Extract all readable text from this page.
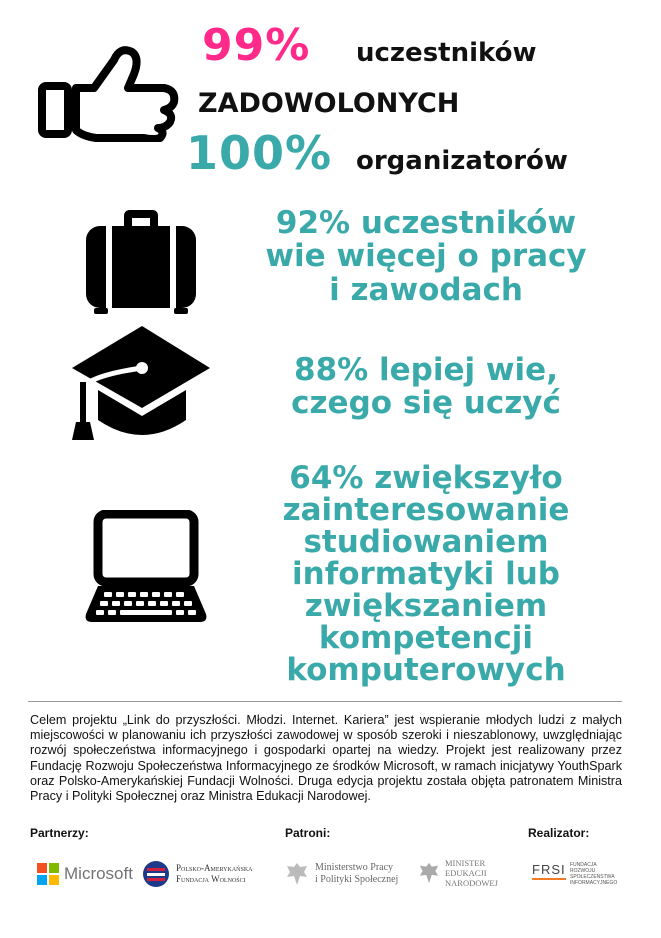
99% uczestników
ZADOWOLONYCH
100% organizatorów
92% uczestników
wie więcej o pracy
i zawodach
88% lepiej wie,
czego się uczyć
64% zwiększyło
zainteresowanie
studiowaniem
informatyki lub
zwiększaniem
kompetencji
komputerowych
Celem projektu „Link do przyszłości. Młodzi. Internet. Kariera” jest wspieranie młodych ludzi z małych miejscowości w planowaniu ich przyszłości zawodowej w sposób szeroki i nieszablonowy, uwzględniając rozwój społeczeństwa informacyjnego i gospodarki opartej na wiedzy. Projekt jest realizowany przez Fundację Rozwoju Społeczeństwa Informacyjnego ze środków Microsoft, w ramach inicjatywy YouthSpark oraz Polsko-Amerykańskiej Fundacji Wolności. Druga edycja projektu została objęta patronatem Ministra Pracy i Polityki Społecznej oraz Ministra Edukacji Narodowej.
Partnerzy:	Patroni:	Realizator:
Microsoft	Polsko-Amerykańska
Fundacja Wolności
Ministerstwo Pracy
i Polityki Społecznej
MINISTER
EDUKACJI
NARODOWEJ
FRSI FUNDACJA
ROZWOJU
SPOŁECZEŃSTWA
INFORMACYJNEGO
